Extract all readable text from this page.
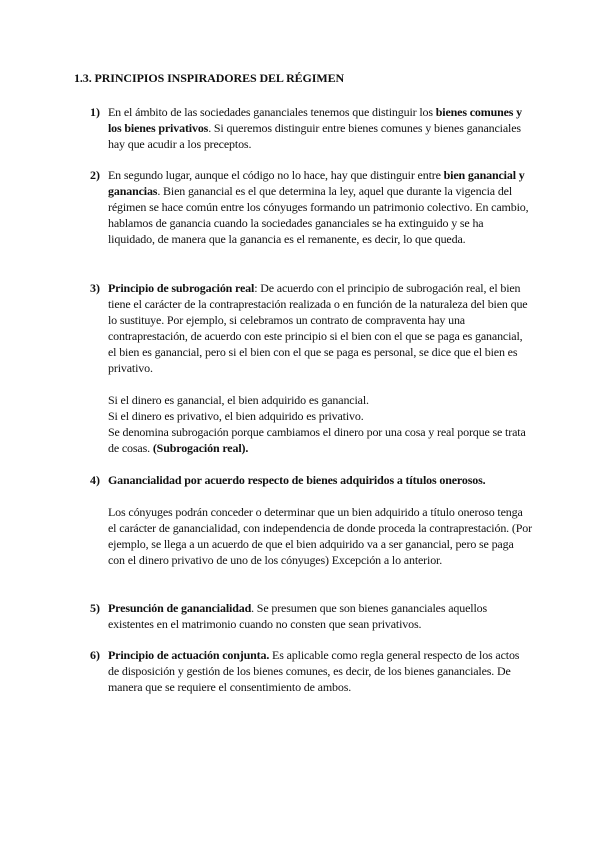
1.3. PRINCIPIOS INSPIRADORES DEL RÉGIMEN
1) En el ámbito de las sociedades gananciales tenemos que distinguir los bienes comunes y los bienes privativos. Si queremos distinguir entre bienes comunes y bienes gananciales hay que acudir a los preceptos.

2) En segundo lugar, aunque el código no lo hace, hay que distinguir entre bien ganancial y ganancias. Bien ganancial es el que determina la ley, aquel que durante la vigencia del régimen se hace común entre los cónyuges formando un patrimonio colectivo. En cambio, hablamos de ganancia cuando la sociedades gananciales se ha extinguido y se ha liquidado, de manera que la ganancia es el remanente, es decir, lo que queda.

3) Principio de subrogación real: De acuerdo con el principio de subrogación real, el bien tiene el carácter de la contraprestación realizada o en función de la naturaleza del bien que lo sustituye. Por ejemplo, si celebramos un contrato de compraventa hay una contraprestación, de acuerdo con este principio si el bien con el que se paga es ganancial, el bien es ganancial, pero si el bien con el que se paga es personal, se dice que el bien es privativo.

Si el dinero es ganancial, el bien adquirido es ganancial.

Si el dinero es privativo, el bien adquirido es privativo.

Se denomina subrogación porque cambiamos el dinero por una cosa y real porque se trata de cosas. (Subrogación real).

4) Ganancialidad por acuerdo respecto de bienes adquiridos a títulos onerosos.

Los cónyuges podrán conceder o determinar que un bien adquirido a título oneroso tenga el carácter de ganancialidad, con independencia de donde proceda la contraprestación. (Por ejemplo, se llega a un acuerdo de que el bien adquirido va a ser ganancial, pero se paga con el dinero privativo de uno de los cónyuges) Excepción a lo anterior.

5) Presunción de ganancialidad. Se presumen que son bienes gananciales aquellos existentes en el matrimonio cuando no consten que sean privativos.

6) Principio de actuación conjunta. Es aplicable como regla general respecto de los actos de disposición y gestión de los bienes comunes, es decir, de los bienes gananciales. De manera que se requiere el consentimiento de ambos.
